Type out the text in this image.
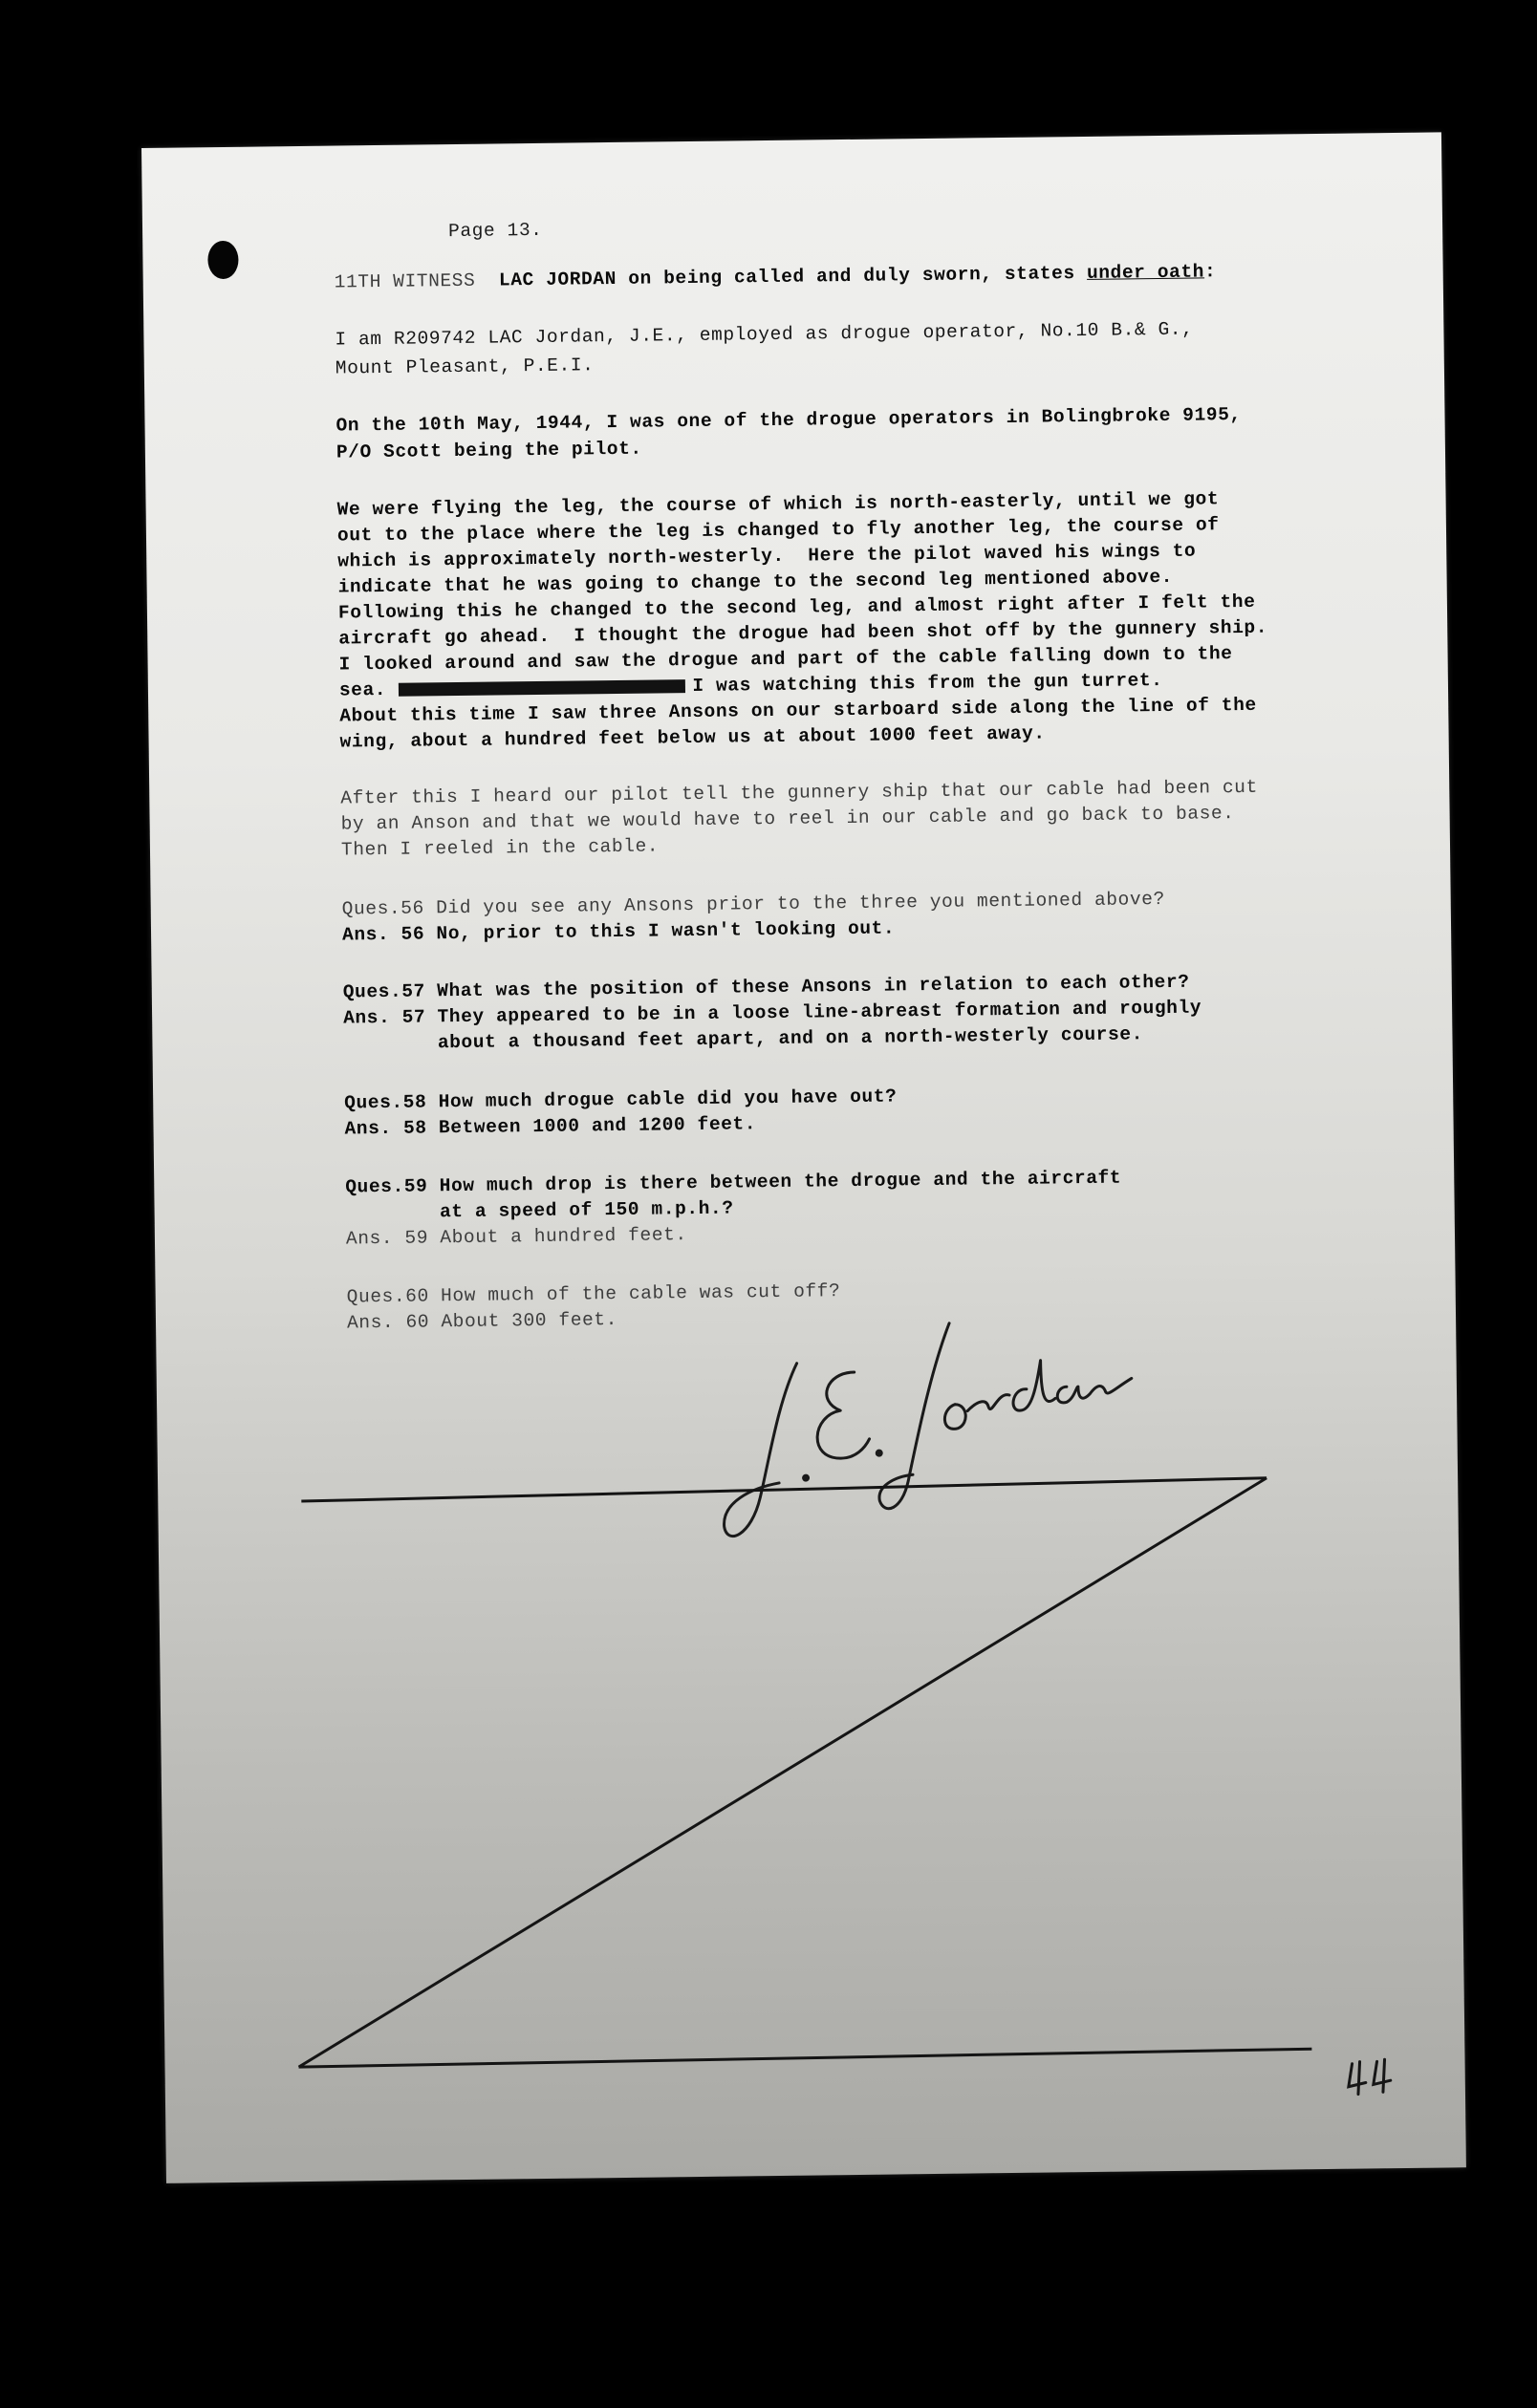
Page 13.
11TH WITNESS LAC JORDAN on being called and duly sworn, states under oath:
I am R209742 LAC Jordan, J.E., employed as drogue operator, No.10 B.& G.,
Mount Pleasant, P.E.I.
On the 10th May, 1944, I was one of the drogue operators in Bolingbroke 9195,
P/O Scott being the pilot.
We were flying the leg, the course of which is north-easterly, until we got
out to the place where the leg is changed to fly another leg, the course of
which is approximately north-westerly.  Here the pilot waved his wings to
indicate that he was going to change to the second leg mentioned above.
Following this he changed to the second leg, and almost right after I felt the
aircraft go ahead.  I thought the drogue had been shot off by the gunnery ship.
I looked around and saw the drogue and part of the cable falling down to the
sea.	I was watching this from the gun turret.
About this time I saw three Ansons on our starboard side along the line of the
wing, about a hundred feet below us at about 1000 feet away.
After this I heard our pilot tell the gunnery ship that our cable had been cut
by an Anson and that we would have to reel in our cable and go back to base.
Then I reeled in the cable.
Ques.56 Did you see any Ansons prior to the three you mentioned above?
Ans. 56 No, prior to this I wasn't looking out.
Ques.57 What was the position of these Ansons in relation to each other?
Ans. 57 They appeared to be in a loose line-abreast formation and roughly
about a thousand feet apart, and on a north-westerly course.
Ques.58 How much drogue cable did you have out?
Ans. 58 Between 1000 and 1200 feet.
Ques.59 How much drop is there between the drogue and the aircraft
at a speed of 150 m.p.h.?
Ans. 59 About a hundred feet.
Ques.60 How much of the cable was cut off?
Ans. 60 About 300 feet.
